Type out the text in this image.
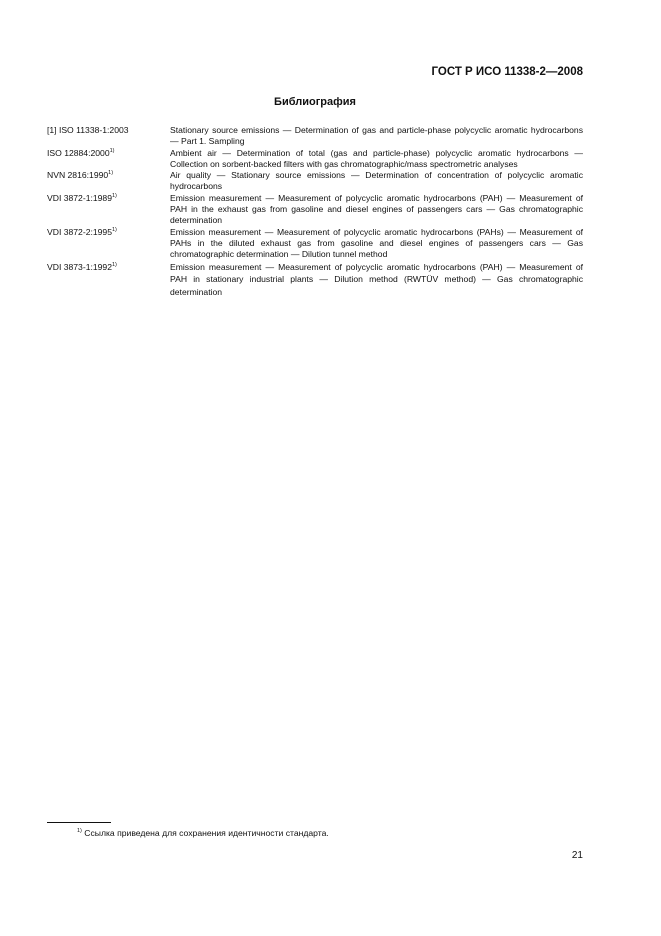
ГОСТ Р ИСО 11338-2—2008
Библиография
[1] ISO 11338-1:2003	Stationary source emissions — Determination of gas and particle-phase polycyclic aromatic hydrocarbons — Part 1. Sampling
ISO 12884:2000$^{1)}$	Ambient air — Determination of total (gas and particle-phase) polycyclic aromatic hydrocarbons — Collection on sorbent-backed filters with gas chromatographic/mass spectrometric analyses
NVN 2816:1990$^{1)}$	Air quality — Stationary source emissions — Determination of concentration of polycyclic aromatic hydrocarbons
VDI 3872-1:1989$^{1)}$	Emission measurement — Measurement of polycyclic aromatic hydrocarbons (PAH) — Measurement of PAH in the exhaust gas from gasoline and diesel engines of passengers cars — Gas chromatographic determination
VDI 3872-2:1995$^{1)}$	Emission measurement — Measurement of polycyclic aromatic hydrocarbons (PAHs) — Measurement of PAHs in the diluted exhaust gas from gasoline and diesel engines of passengers cars — Gas chromatographic determination — Dilution tunnel method
VDI 3873-1:1992$^{1)}$	Emission measurement — Measurement of polycyclic aromatic hydrocarbons (PAH) — Measurement of PAH in stationary industrial plants — Dilution method (RWTÜV method) — Gas chromatographic determination
$^{1)}$ Ссылка приведена для сохранения идентичности стандарта.
21
